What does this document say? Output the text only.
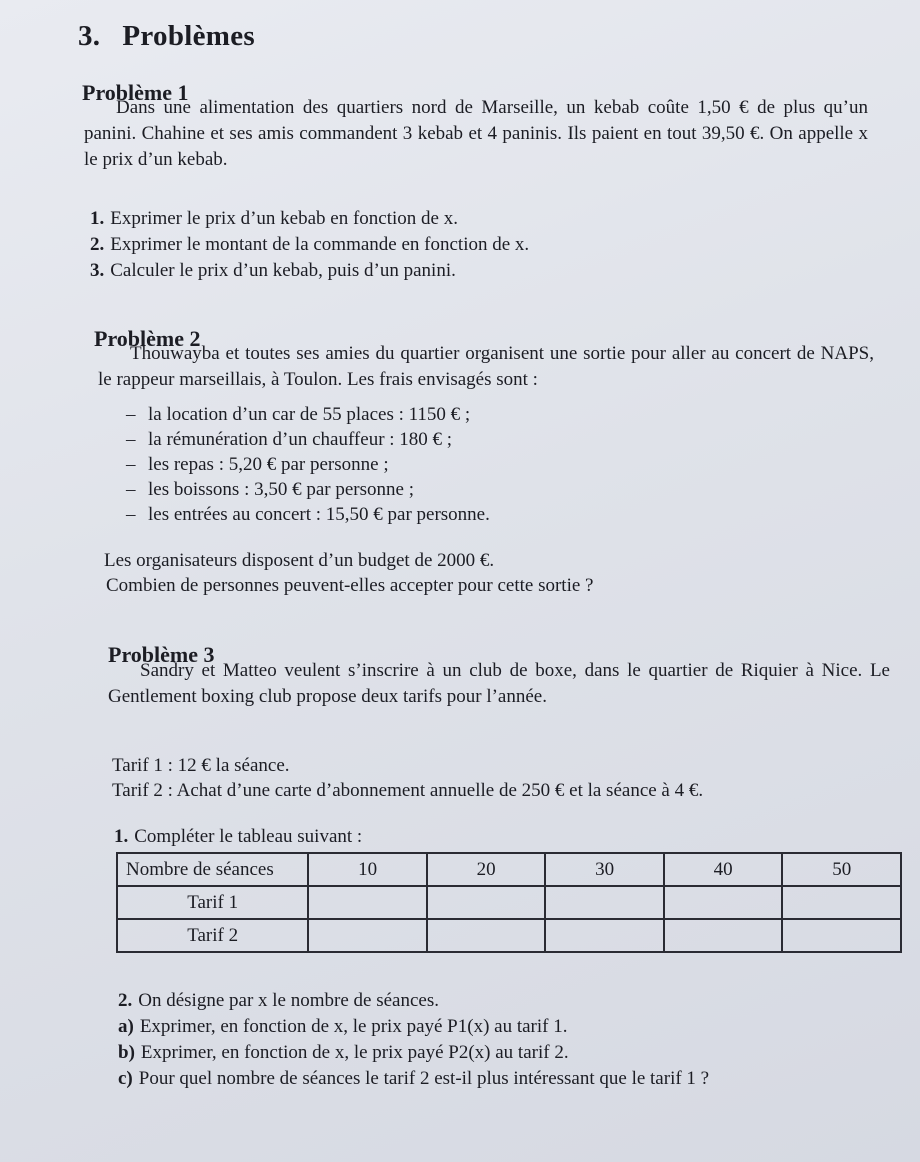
3. Problèmes
Problème 1
Dans une alimentation des quartiers nord de Marseille, un kebab coûte 1,50 € de plus qu’un panini. Chahine et ses amis commandent 3 kebab et 4 paninis. Ils paient en tout 39,50 €. On appelle x le prix d’un kebab.
1. Exprimer le prix d’un kebab en fonction de x.
2. Exprimer le montant de la commande en fonction de x.
3. Calculer le prix d’un kebab, puis d’un panini.
Problème 2
Thouwayba et toutes ses amies du quartier organisent une sortie pour aller au concert de NAPS, le rappeur marseillais, à Toulon. Les frais envisagés sont :
– la location d’un car de 55 places : 1150 € ;
– la rémunération d’un chauffeur : 180 € ;
– les repas : 5,20 € par personne ;
– les boissons : 3,50 € par personne ;
– les entrées au concert : 15,50 € par personne.
Les organisateurs disposent d’un budget de 2000 €.
Combien de personnes peuvent-elles accepter pour cette sortie ?
Problème 3
Sandry et Matteo veulent s’inscrire à un club de boxe, dans le quartier de Riquier à Nice. Le Gentlement boxing club propose deux tarifs pour l’année.
Tarif 1 : 12 € la séance.
Tarif 2 : Achat d’une carte d’abonnement annuelle de 250 € et la séance à 4 €.
1. Compléter le tableau suivant :
Nombre de séances	10	20	30	40	50
Tarif 1					
Tarif 2					
2. On désigne par x le nombre de séances.
a) Exprimer, en fonction de x, le prix payé P1(x) au tarif 1.
b) Exprimer, en fonction de x, le prix payé P2(x) au tarif 2.
c) Pour quel nombre de séances le tarif 2 est-il plus intéressant que le tarif 1 ?
